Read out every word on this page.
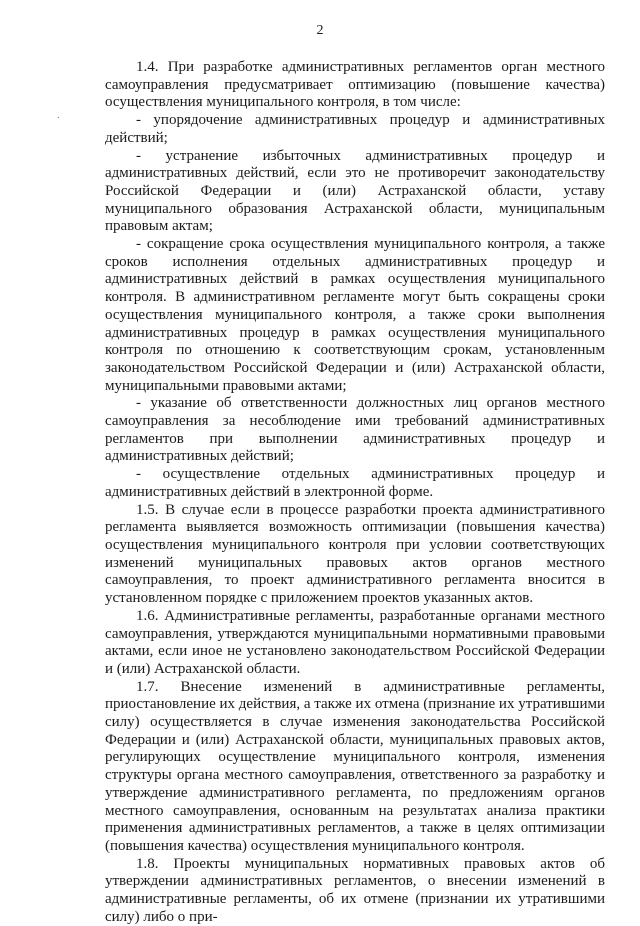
.
2

1.4. При разработке административных регламентов орган местного самоуправления предусматривает оптимизацию (повышение качества) осуществления муниципального контроля, в том числе:

- упорядочение административных процедур и административных действий;

- устранение избыточных административных процедур и административных действий, если это не противоречит законодательству Российской Федерации и (или) Астраханской области, уставу муниципального образования Астраханской области, муниципальным правовым актам;

- сокращение срока осуществления муниципального контроля, а также сроков исполнения отдельных административных процедур и административных действий в рамках осуществления муниципального контроля. В административном регламенте могут быть сокращены сроки осуществления муниципального контроля, а также сроки выполнения административных процедур в рамках осуществления муниципального контроля по отношению к соответствующим срокам, установленным законодательством Российской Федерации и (или) Астраханской области, муниципальными правовыми актами;

- указание об ответственности должностных лиц органов местного самоуправления за несоблюдение ими требований административных регламентов при выполнении административных процедур и административных действий;

- осуществление отдельных административных процедур и административных действий в электронной форме.

1.5. В случае если в процессе разработки проекта административного регламента выявляется возможность оптимизации (повышения качества) осуществления муниципального контроля при условии соответствующих изменений муниципальных правовых актов органов местного самоуправления, то проект административного регламента вносится в установленном порядке с приложением проектов указанных актов.

1.6. Административные регламенты, разработанные органами местного самоуправления, утверждаются муниципальными нормативными правовыми актами, если иное не установлено законодательством Российской Федерации и (или) Астраханской области.

1.7. Внесение изменений в административные регламенты, приостановление их действия, а также их отмена (признание их утратившими силу) осуществляется в случае изменения законодательства Российской Федерации и (или) Астраханской области, муниципальных правовых актов, регулирующих осуществление муниципального контроля, изменения структуры органа местного самоуправления, ответственного за разработку и утверждение административного регламента, по предложениям органов местного самоуправления, основанным на результатах анализа практики применения административных регламентов, а также в целях оптимизации (повышения качества) осуществления муниципального контроля.

1.8. Проекты муниципальных нормативных правовых актов об утверждении административных регламентов, о внесении изменений в административные регламенты, об их отмене (признании их утратившими силу) либо о при-
